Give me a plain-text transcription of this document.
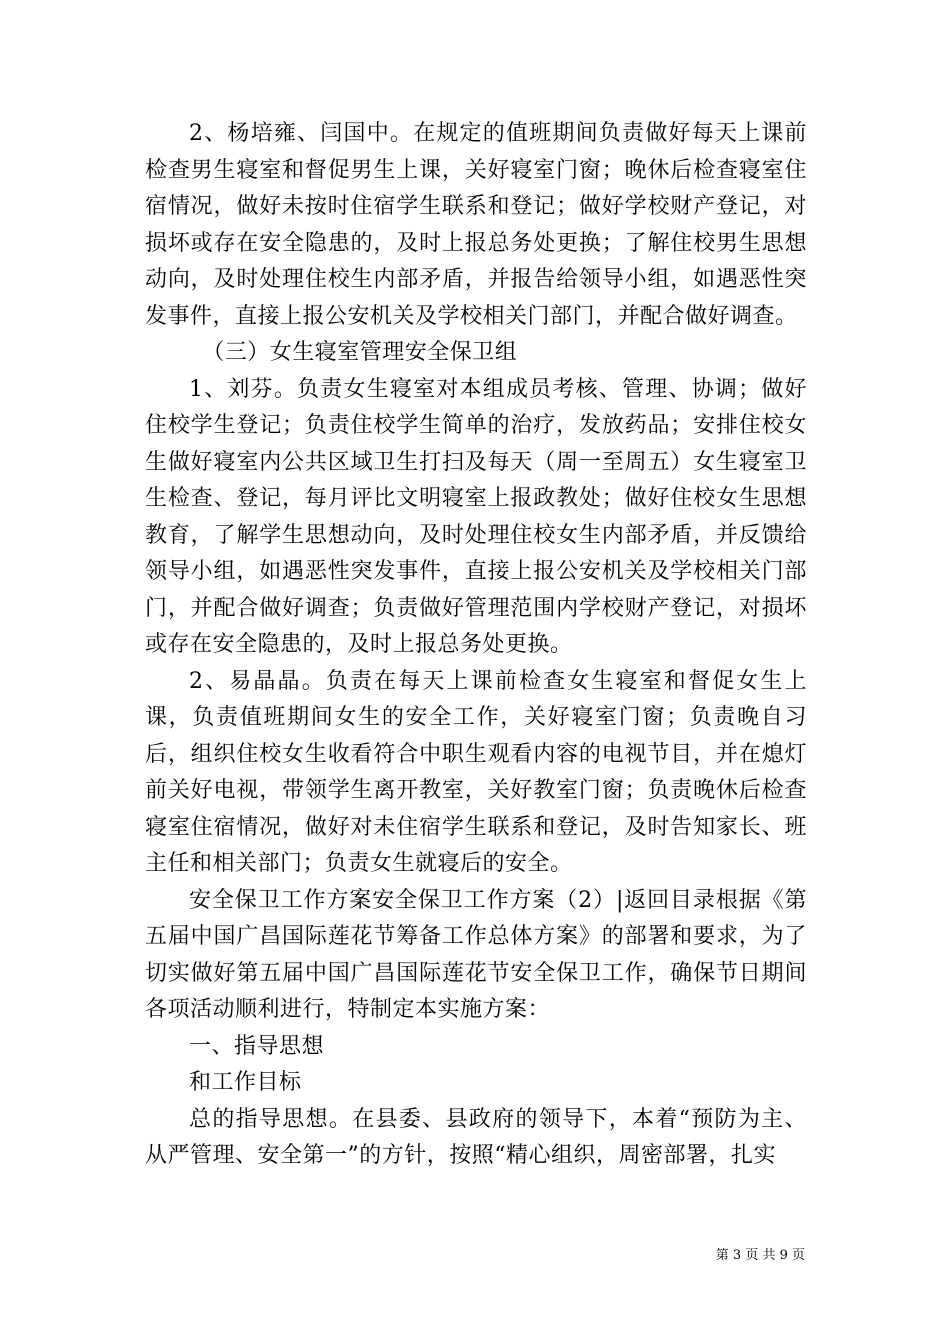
2、杨培雍、闫国中。在规定的值班期间负责做好每天上课前检查男生寝室和督促男生上课，关好寝室门窗；晚休后检查寝室住宿情况，做好未按时住宿学生联系和登记；做好学校财产登记，对损坏或存在安全隐患的，及时上报总务处更换；了解住校男生思想动向，及时处理住校生内部矛盾，并报告给领导小组，如遇恶性突发事件，直接上报公安机关及学校相关门部门，并配合做好调查。

（三）女生寝室管理安全保卫组

1、刘芬。负责女生寝室对本组成员考核、管理、协调；做好住校学生登记；负责住校学生简单的治疗，发放药品；安排住校女生做好寝室内公共区域卫生打扫及每天（周一至周五）女生寝室卫生检查、登记，每月评比文明寝室上报政教处；做好住校女生思想教育，了解学生思想动向，及时处理住校女生内部矛盾，并反馈给领导小组，如遇恶性突发事件，直接上报公安机关及学校相关门部门，并配合做好调查；负责做好管理范围内学校财产登记，对损坏或存在安全隐患的，及时上报总务处更换。

2、易晶晶。负责在每天上课前检查女生寝室和督促女生上课，负责值班期间女生的安全工作，关好寝室门窗；负责晚自习后，组织住校女生收看符合中职生观看内容的电视节目，并在熄灯前关好电视，带领学生离开教室，关好教室门窗；负责晚休后检查寝室住宿情况，做好对未住宿学生联系和登记，及时告知家长、班主任和相关部门；负责女生就寝后的安全。

安全保卫工作方案安全保卫工作方案（2）|返回目录根据《第五届中国广昌国际莲花节筹备工作总体方案》的部署和要求，为了切实做好第五届中国广昌国际莲花节安全保卫工作，确保节日期间各项活动顺利进行，特制定本实施方案：

一、指导思想

和工作目标

总的指导思想。在县委、县政府的领导下，本着“预防为主、从严管理、安全第一”的方针，按照“精心组织，周密部署，扎实

第 3 页 共 9 页
